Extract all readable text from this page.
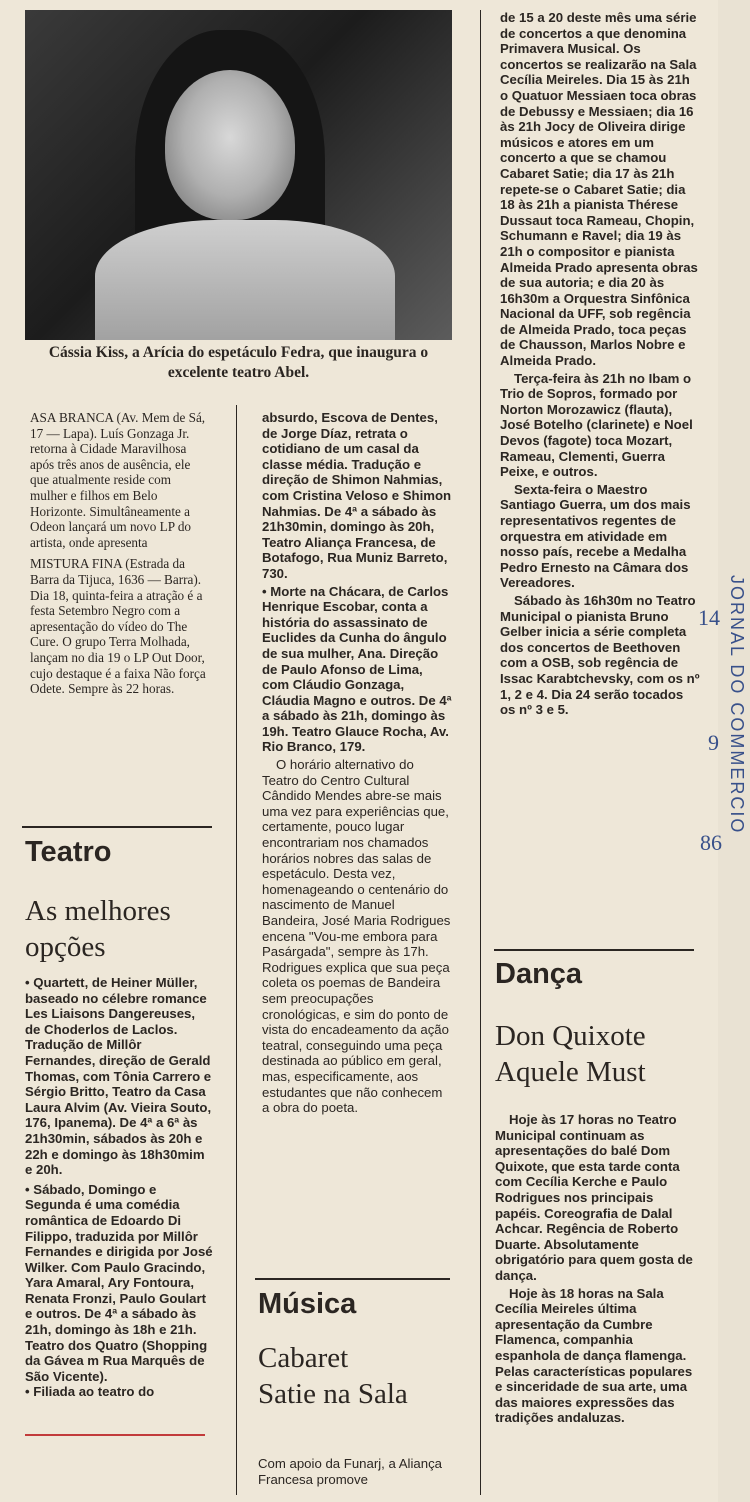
Cássia Kiss, a Arícia do espetáculo Fedra, que inaugura o excelente teatro Abel.

ASA BRANCA (Av. Mem de Sá, 17 — Lapa). Luís Gonzaga Jr. retorna à Cidade Maravilhosa após três anos de ausência, ele que atualmente reside com mulher e filhos em Belo Horizonte. Simultâneamente a Odeon lançará um novo LP do artista, onde apresenta

MISTURA FINA (Estrada da Barra da Tijuca, 1636 — Barra). Dia 18, quinta-feira a atração é a festa Setembro Negro com a apresentação do vídeo do The Cure. O grupo Terra Molhada, lançam no dia 19 o LP Out Door, cujo destaque é a faixa Não força Odete. Sempre às 22 horas.

Teatro
As melhores opções

• Quartett, de Heiner Müller, baseado no célebre romance Les Liaisons Dangereuses, de Choderlos de Laclos. Tradução de Millôr Fernandes, direção de Gerald Thomas, com Tônia Carrero e Sérgio Britto, Teatro da Casa Laura Alvim (Av. Vieira Souto, 176, Ipanema). De 4ª a 6ª às 21h30min, sábados às 20h e 22h e domingo às 18h30mim e 20h.

• Sábado, Domingo e Segunda é uma comédia romântica de Edoardo Di Filippo, traduzida por Millôr Fernandes e dirigida por José Wilker. Com Paulo Gracindo, Yara Amaral, Ary Fontoura, Renata Fronzi, Paulo Goulart e outros. De 4ª a sábado às 21h, domingo às 18h e 21h. Teatro dos Quatro (Shopping da Gávea m Rua Marquês de São Vicente).

• Filiada ao teatro do

absurdo, Escova de Dentes, de Jorge Díaz, retrata o cotidiano de um casal da classe média. Tradução e direção de Shimon Nahmias, com Cristina Veloso e Shimon Nahmias. De 4ª a sábado às 21h30min, domingo às 20h, Teatro Aliança Francesa, de Botafogo, Rua Muniz Barreto, 730.

• Morte na Chácara, de Carlos Henrique Escobar, conta a história do assassinato de Euclides da Cunha do ângulo de sua mulher, Ana. Direção de Paulo Afonso de Lima, com Cláudio Gonzaga, Cláudia Magno e outros. De 4ª a sábado às 21h, domingo às 19h. Teatro Glauce Rocha, Av. Rio Branco, 179.

O horário alternativo do Teatro do Centro Cultural Cândido Mendes abre-se mais uma vez para experiências que, certamente, pouco lugar encontrariam nos chamados horários nobres das salas de espetáculo. Desta vez, homenageando o centenário do nascimento de Manuel Bandeira, José Maria Rodrigues encena "Vou-me embora para Pasárgada", sempre às 17h. Rodrigues explica que sua peça coleta os poemas de Bandeira sem preocupações cronológicas, e sim do ponto de vista do encadeamento da ação teatral, conseguindo uma peça destinada ao público em geral, mas, especificamente, aos estudantes que não conhecem a obra do poeta.

Música
Cabaret Satie na Sala

Com apoio da Funarj, a Aliança Francesa promove

de 15 a 20 deste mês uma série de concertos a que denomina Primavera Musical. Os concertos se realizarão na Sala Cecília Meireles. Dia 15 às 21h o Quatuor Messiaen toca obras de Debussy e Messiaen; dia 16 às 21h Jocy de Oliveira dirige músicos e atores em um concerto a que se chamou Cabaret Satie; dia 17 às 21h repete-se o Cabaret Satie; dia 18 às 21h a pianista Thérese Dussaut toca Rameau, Chopin, Schumann e Ravel; dia 19 às 21h o compositor e pianista Almeida Prado apresenta obras de sua autoria; e dia 20 às 16h30m a Orquestra Sinfônica Nacional da UFF, sob regência de Almeida Prado, toca peças de Chausson, Marlos Nobre e Almeida Prado.

Terça-feira às 21h no Ibam o Trio de Sopros, formado por Norton Morozawicz (flauta), José Botelho (clarinete) e Noel Devos (fagote) toca Mozart, Rameau, Clementi, Guerra Peixe, e outros.

Sexta-feira o Maestro Santiago Guerra, um dos mais representativos regentes de orquestra em atividade em nosso país, recebe a Medalha Pedro Ernesto na Câmara dos Vereadores.

Sábado às 16h30m no Teatro Municipal o pianista Bruno Gelber inicia a série completa dos concertos de Beethoven com a OSB, sob regência de Issac Karabtchevsky, com os nº 1, 2 e 4. Dia 24 serão tocados os nº 3 e 5.

Dança
Don Quixote Aquele Must

Hoje às 17 horas no Teatro Municipal continuam as apresentações do balé Dom Quixote, que esta tarde conta com Cecília Kerche e Paulo Rodrigues nos principais papéis. Coreografia de Dalal Achcar. Regência de Roberto Duarte. Absolutamente obrigatório para quem gosta de dança.

Hoje às 18 horas na Sala Cecília Meireles última apresentação da Cumbre Flamenca, companhia espanhola de dança flamenga. Pelas características populares e sinceridade de sua arte, uma das maiores expressões das tradições andaluzas.

JORNAL DO COMMERCIO
14
9
86
